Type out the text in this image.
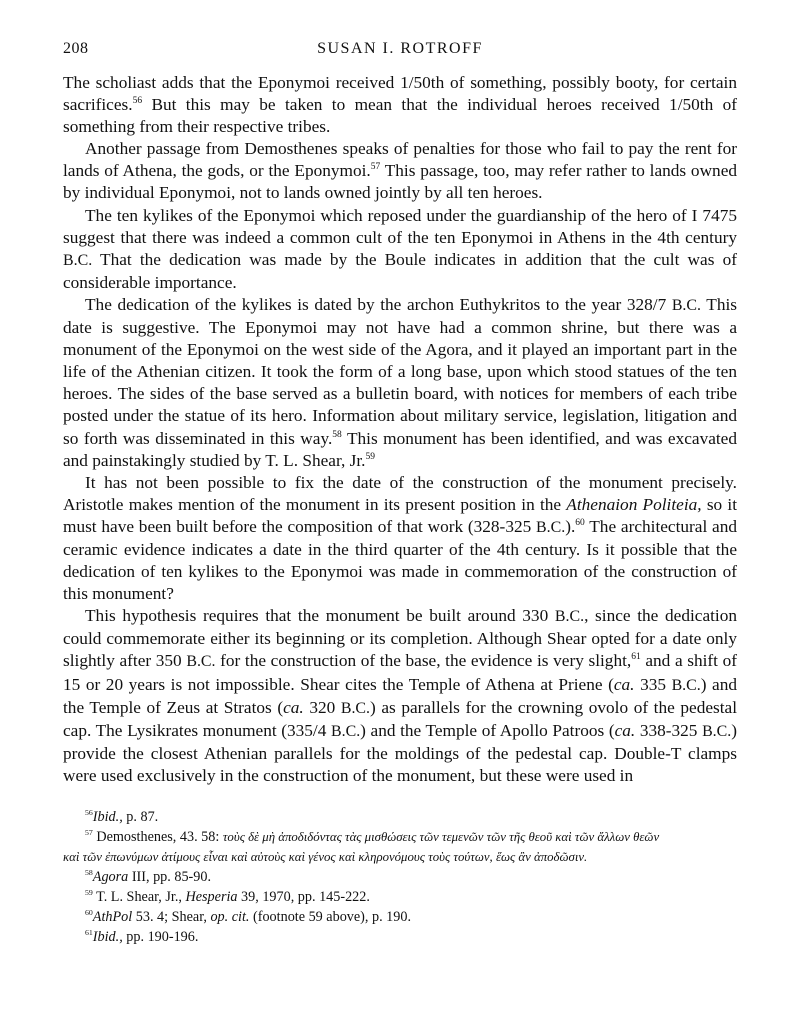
208	SUSAN I. ROTROFF

The scholiast adds that the Eponymoi received 1/50th of something, possibly booty, for certain sacrifices.$^{56}$ But this may be taken to mean that the individual heroes received 1/50th of something from their respective tribes.

Another passage from Demosthenes speaks of penalties for those who fail to pay the rent for lands of Athena, the gods, or the Eponymoi.$^{57}$ This passage, too, may refer rather to lands owned by individual Eponymoi, not to lands owned jointly by all ten heroes.

The ten kylikes of the Eponymoi which reposed under the guardianship of the hero of I 7475 suggest that there was indeed a common cult of the ten Eponymoi in Athens in the 4th century B.C. That the dedication was made by the Boule indicates in addition that the cult was of considerable importance.

The dedication of the kylikes is dated by the archon Euthykritos to the year 328/7 B.C. This date is suggestive. The Eponymoi may not have had a common shrine, but there was a monument of the Eponymoi on the west side of the Agora, and it played an important part in the life of the Athenian citizen. It took the form of a long base, upon which stood statues of the ten heroes. The sides of the base served as a bulletin board, with notices for members of each tribe posted under the statue of its hero. Information about military service, legislation, litigation and so forth was disseminated in this way.$^{58}$ This monument has been identified, and was excavated and painstakingly studied by T. L. Shear, Jr.$^{59}$

It has not been possible to fix the date of the construction of the monument precisely. Aristotle makes mention of the monument in its present position in the Athenaion Politeia, so it must have been built before the composition of that work (328-325 B.C.).$^{60}$ The architectural and ceramic evidence indicates a date in the third quarter of the 4th century. Is it possible that the dedication of ten kylikes to the Eponymoi was made in commemoration of the construction of this monument?

This hypothesis requires that the monument be built around 330 B.C., since the dedication could commemorate either its beginning or its completion. Although Shear opted for a date only slightly after 350 B.C. for the construction of the base, the evidence is very slight,$^{61}$ and a shift of 15 or 20 years is not impossible. Shear cites the Temple of Athena at Priene (ca. 335 B.C.) and the Temple of Zeus at Stratos (ca. 320 B.C.) as parallels for the crowning ovolo of the pedestal cap. The Lysikrates monument (335/4 B.C.) and the Temple of Apollo Patroos (ca. 338-325 B.C.) provide the closest Athenian parallels for the moldings of the pedestal cap. Double-T clamps were used exclusively in the construction of the monument, but these were used in

$^{56}$Ibid., p. 87.
$^{57}$ Demosthenes, 43. 58: τοὺς δὲ μὴ ἀποδιδόντας τὰς μισθώσεις τῶν τεμενῶν τῶν τῆς θεοῦ καὶ τῶν ἄλλων θεῶν
καὶ τῶν ἐπωνύμων ἀτίμους εἶναι καὶ αὐτοὺς καὶ γένος καὶ κληρονόμους τοὺς τούτων, ἕως ἂν ἀποδῶσιν.
$^{58}$Agora III, pp. 85-90.
$^{59}$ T. L. Shear, Jr., Hesperia 39, 1970, pp. 145-222.
$^{60}$AthPol 53. 4; Shear, op. cit. (footnote 59 above), p. 190.
$^{61}$Ibid., pp. 190-196.
